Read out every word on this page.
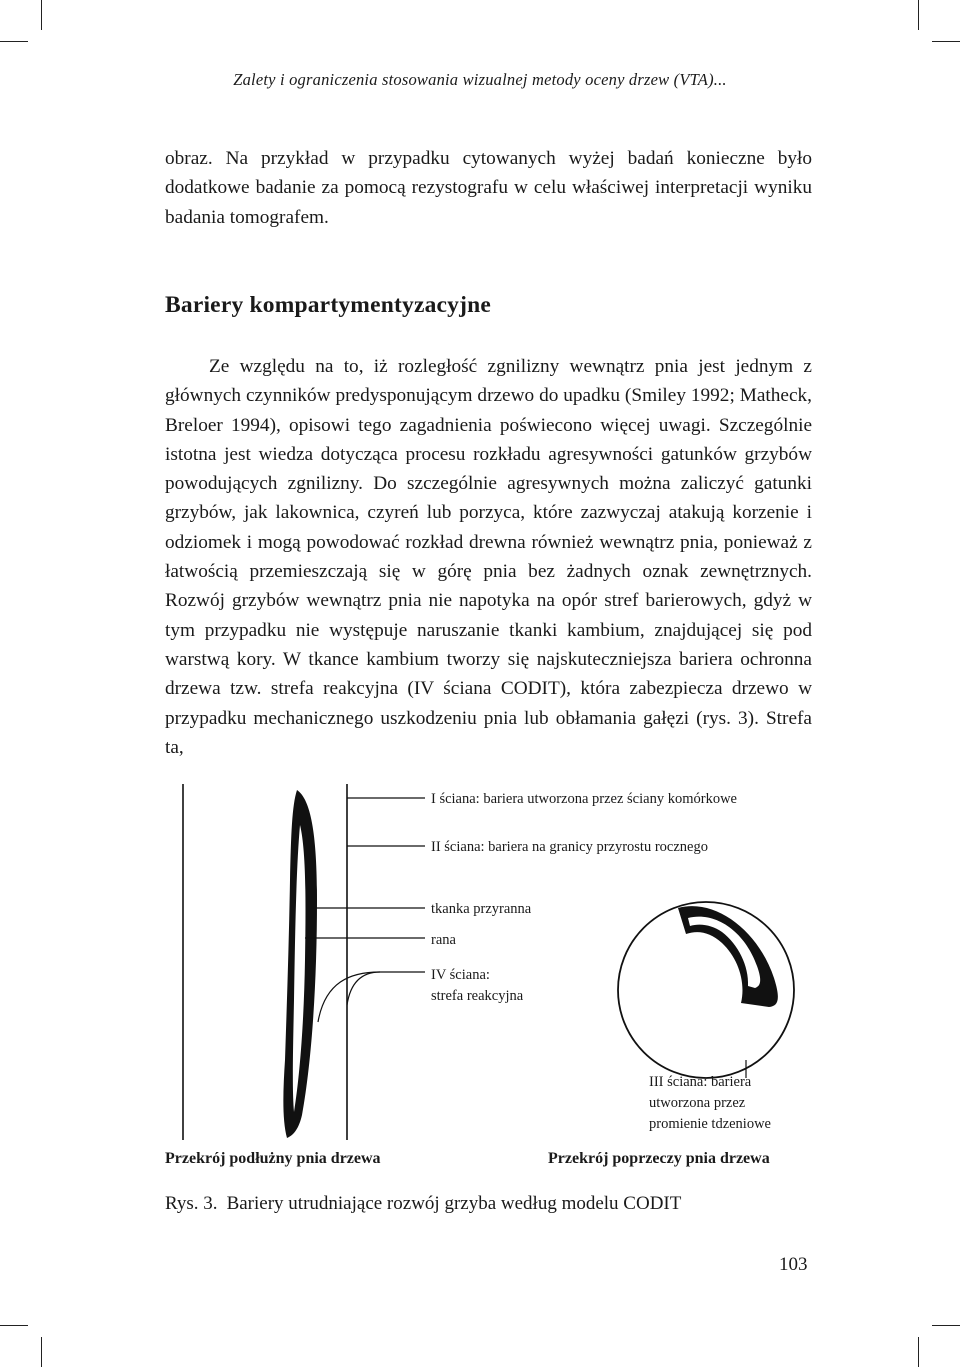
Zalety i ograniczenia stosowania wizualnej metody oceny drzew (VTA)...

obraz. Na przykład w przypadku cytowanych wyżej badań konieczne było dodatkowe badanie za pomocą rezystografu w celu właściwej interpretacji wyniku badania tomografem.

Bariery kompartymentyzacyjne

Ze względu na to, iż rozległość zgnilizny wewnątrz pnia jest jednym z głównych czynników predysponującym drzewo do upadku (Smiley 1992; Matheck, Breloer 1994), opisowi tego zagadnienia poświecono więcej uwagi. Szczególnie istotna jest wiedza dotycząca procesu rozkładu agresywności gatunków grzybów powodujących zgnilizny. Do szczególnie agresywnych można zaliczyć gatunki grzybów, jak lakownica, czyreń lub porzyca, które zazwyczaj atakują korzenie i odziomek i mogą powodować rozkład drewna również wewnątrz pnia, ponieważ z łatwością przemieszczają się w górę pnia bez żadnych oznak zewnętrznych. Rozwój grzybów wewnątrz pnia nie napotyka na opór stref barierowych, gdyż w tym przypadku nie występuje naruszanie tkanki kambium, znajdującej się pod warstwą kory. W tkance kambium tworzy się najskuteczniejsza bariera ochronna drzewa tzw. strefa reakcyjna (IV ściana CODIT), która zabezpiecza drzewo w przypadku mechanicznego uszkodzeniu pnia lub obłamania gałęzi (rys. 3). Strefa ta,

I ściana: bariera utworzona przez ściany komórkowe
II ściana: bariera na granicy przyrostu rocznego
tkanka przyranna
rana
IV ściana:
strefa reakcyjna
III ściana: bariera
utworzona przez
promienie tdzeniowe
Przekrój podłużny pnia drzewa	Przekrój poprzeczy pnia drzewa
Rys. 3. Bariery utrudniające rozwój grzyba według modelu CODIT
103
